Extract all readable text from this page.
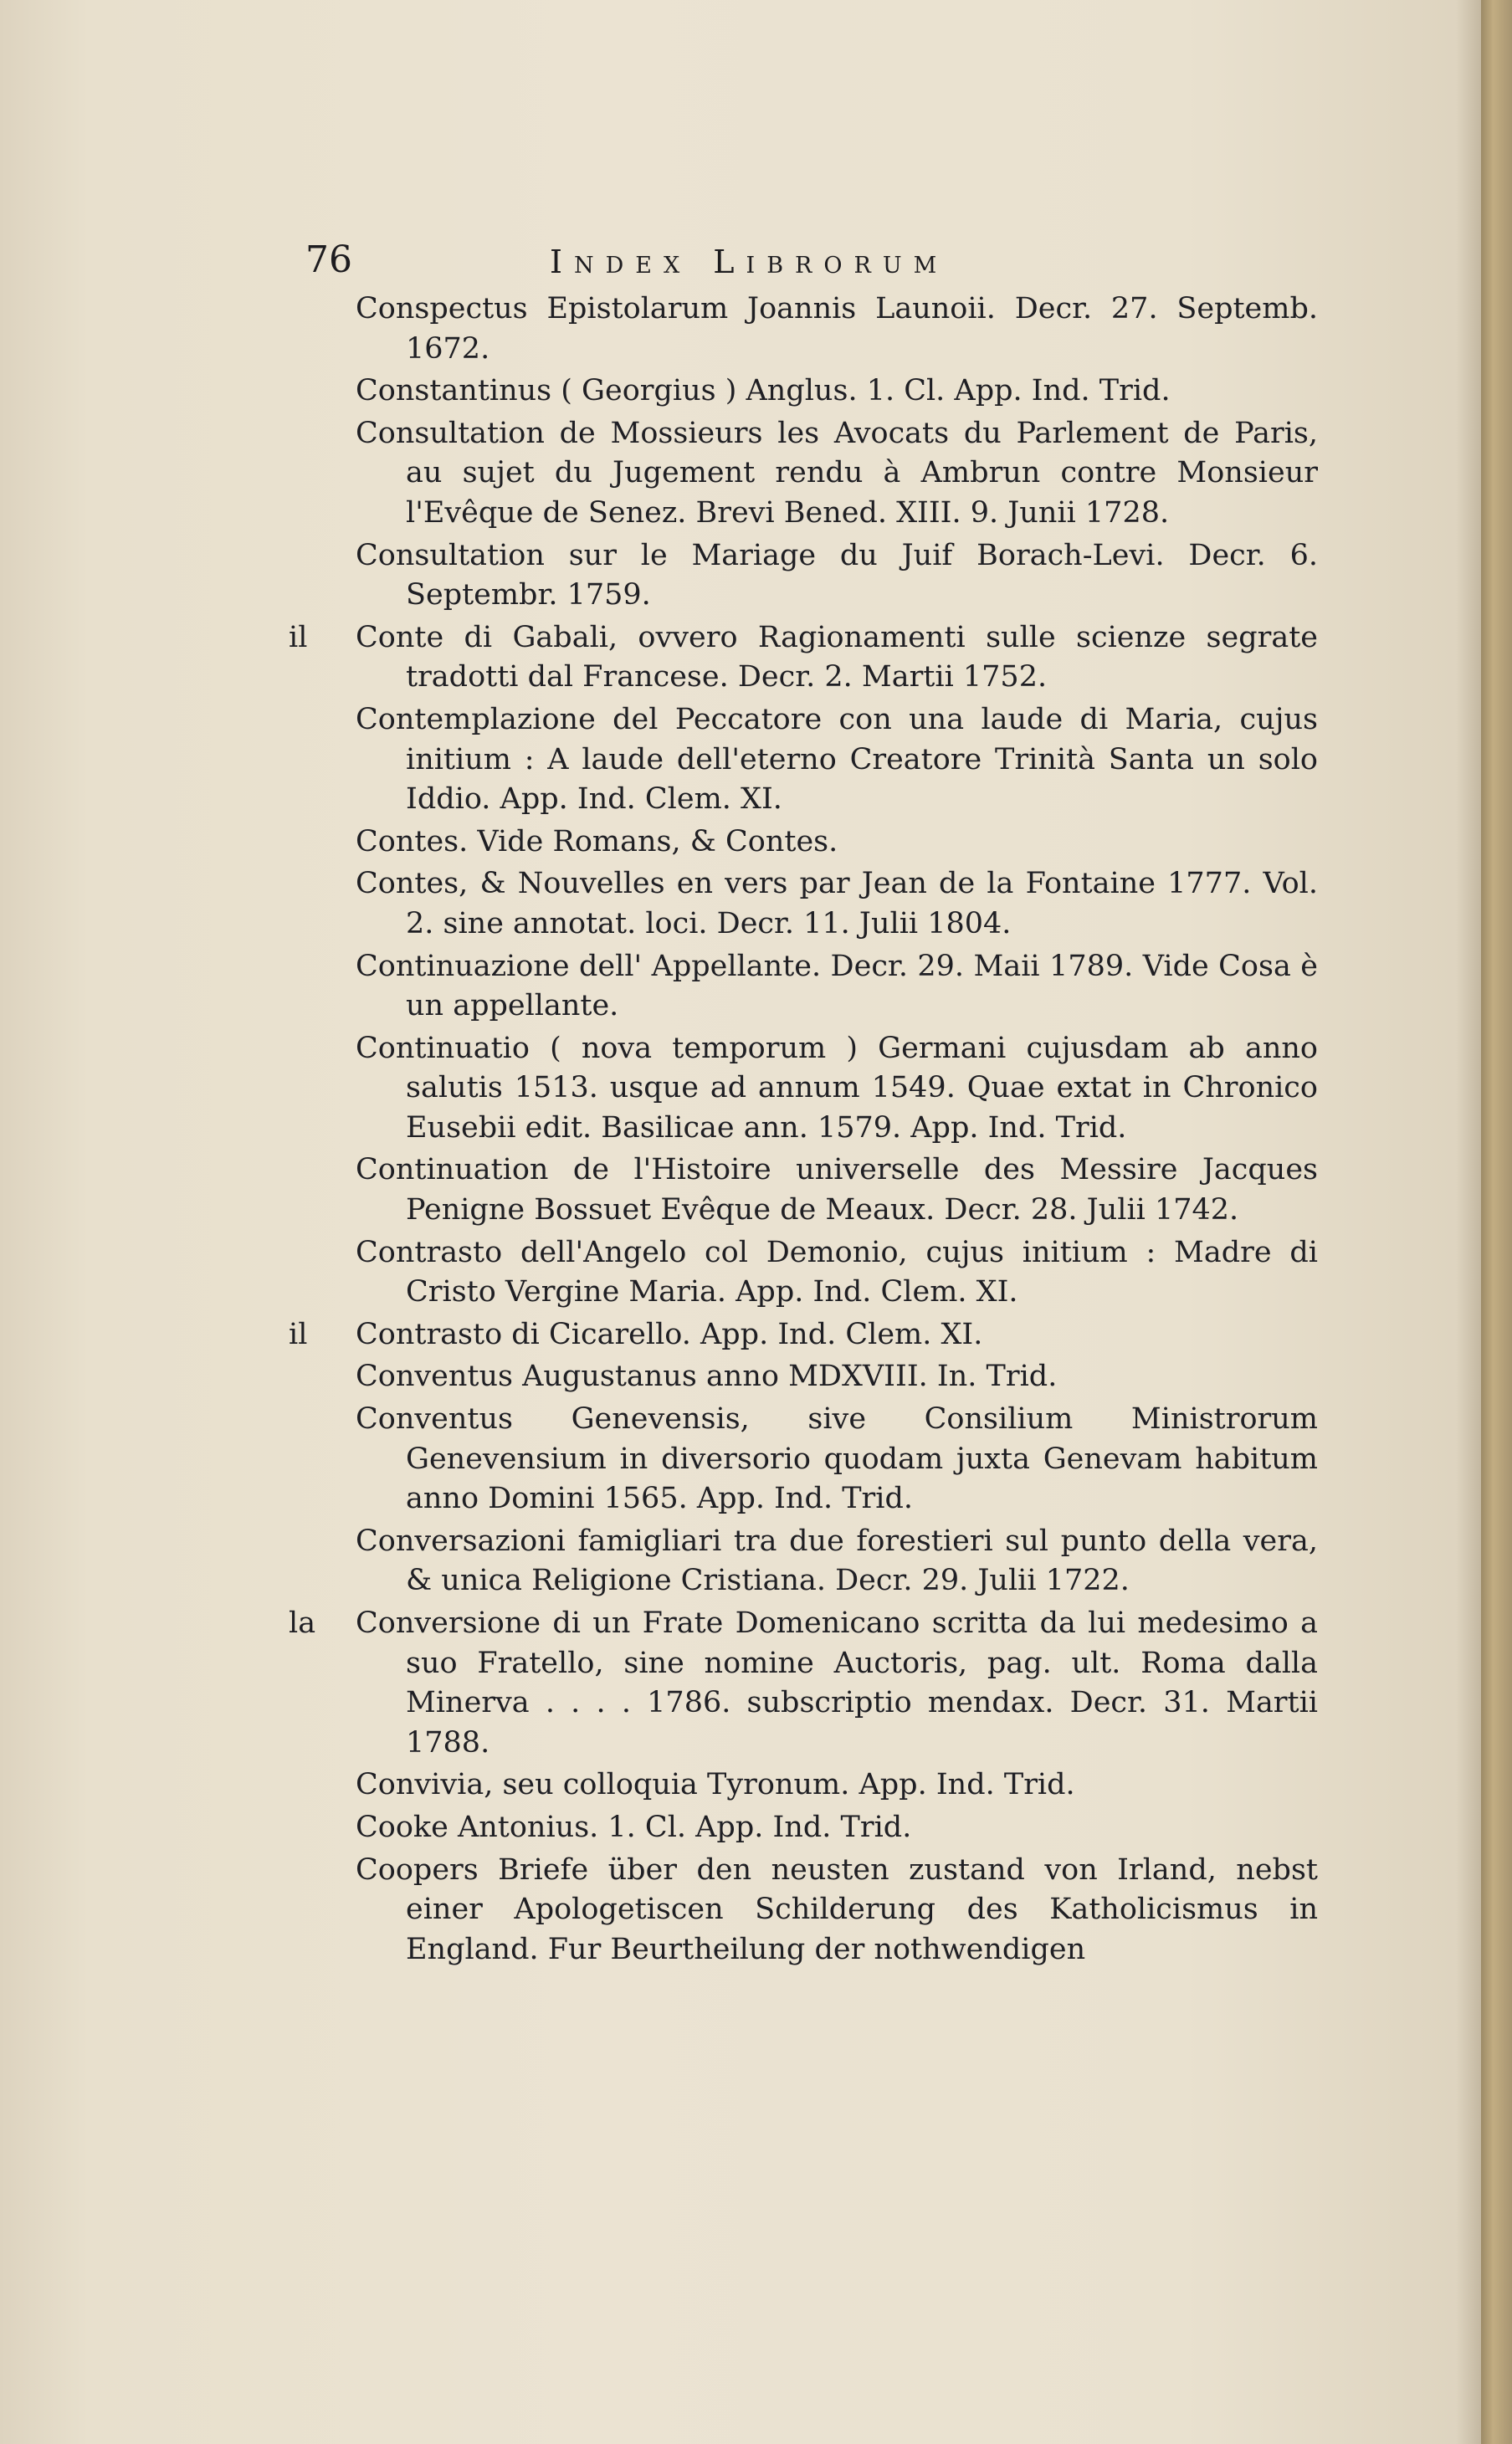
76	Index Librorum

Conspectus Epistolarum Joannis Launoii. Decr. 27. Septemb. 1672.

Constantinus ( Georgius ) Anglus. 1. Cl. App. Ind. Trid.

Consultation de Mossieurs les Avocats du Parlement de Paris, au sujet du Jugement rendu à Ambrun contre Monsieur l'Evêque de Senez. Brevi Bened. XIII. 9. Junii 1728.

Consultation sur le Mariage du Juif Borach-Levi. Decr. 6. Septembr. 1759.

il Conte di Gabali, ovvero Ragionamenti sulle scienze segrate tradotti dal Francese. Decr. 2. Martii 1752.

Contemplazione del Peccatore con una laude di Maria, cujus initium : A laude dell'eterno Creatore Trinità Santa un solo Iddio. App. Ind. Clem. XI.

Contes. Vide Romans, & Contes.

Contes, & Nouvelles en vers par Jean de la Fontaine 1777. Vol. 2. sine annotat. loci. Decr. 11. Julii 1804.

Continuazione dell' Appellante. Decr. 29. Maii 1789. Vide Cosa è un appellante.

Continuatio ( nova temporum ) Germani cujusdam ab anno salutis 1513. usque ad annum 1549. Quae extat in Chronico Eusebii edit. Basilicae ann. 1579. App. Ind. Trid.

Continuation de l'Histoire universelle des Messire Jacques Penigne Bossuet Evêque de Meaux. Decr. 28. Julii 1742.

Contrasto dell'Angelo col Demonio, cujus initium : Madre di Cristo Vergine Maria. App. Ind. Clem. XI.

il Contrasto di Cicarello. App. Ind. Clem. XI.

Conventus Augustanus anno MDXVIII. In. Trid.

Conventus Genevensis, sive Consilium Ministrorum Genevensium in diversorio quodam juxta Genevam habitum anno Domini 1565. App. Ind. Trid.

Conversazioni famigliari tra due forestieri sul punto della vera, & unica Religione Cristiana. Decr. 29. Julii 1722.

la Conversione di un Frate Domenicano scritta da lui medesimo a suo Fratello, sine nomine Auctoris, pag. ult. Roma dalla Minerva . . . . 1786. subscriptio mendax. Decr. 31. Martii 1788.

Convivia, seu colloquia Tyronum. App. Ind. Trid.

Cooke Antonius. 1. Cl. App. Ind. Trid.

Coopers Briefe über den neusten zustand von Irland, nebst einer Apologetiscen Schilderung des Katholicismus in England. Fur Beurtheilung der nothwendigen
